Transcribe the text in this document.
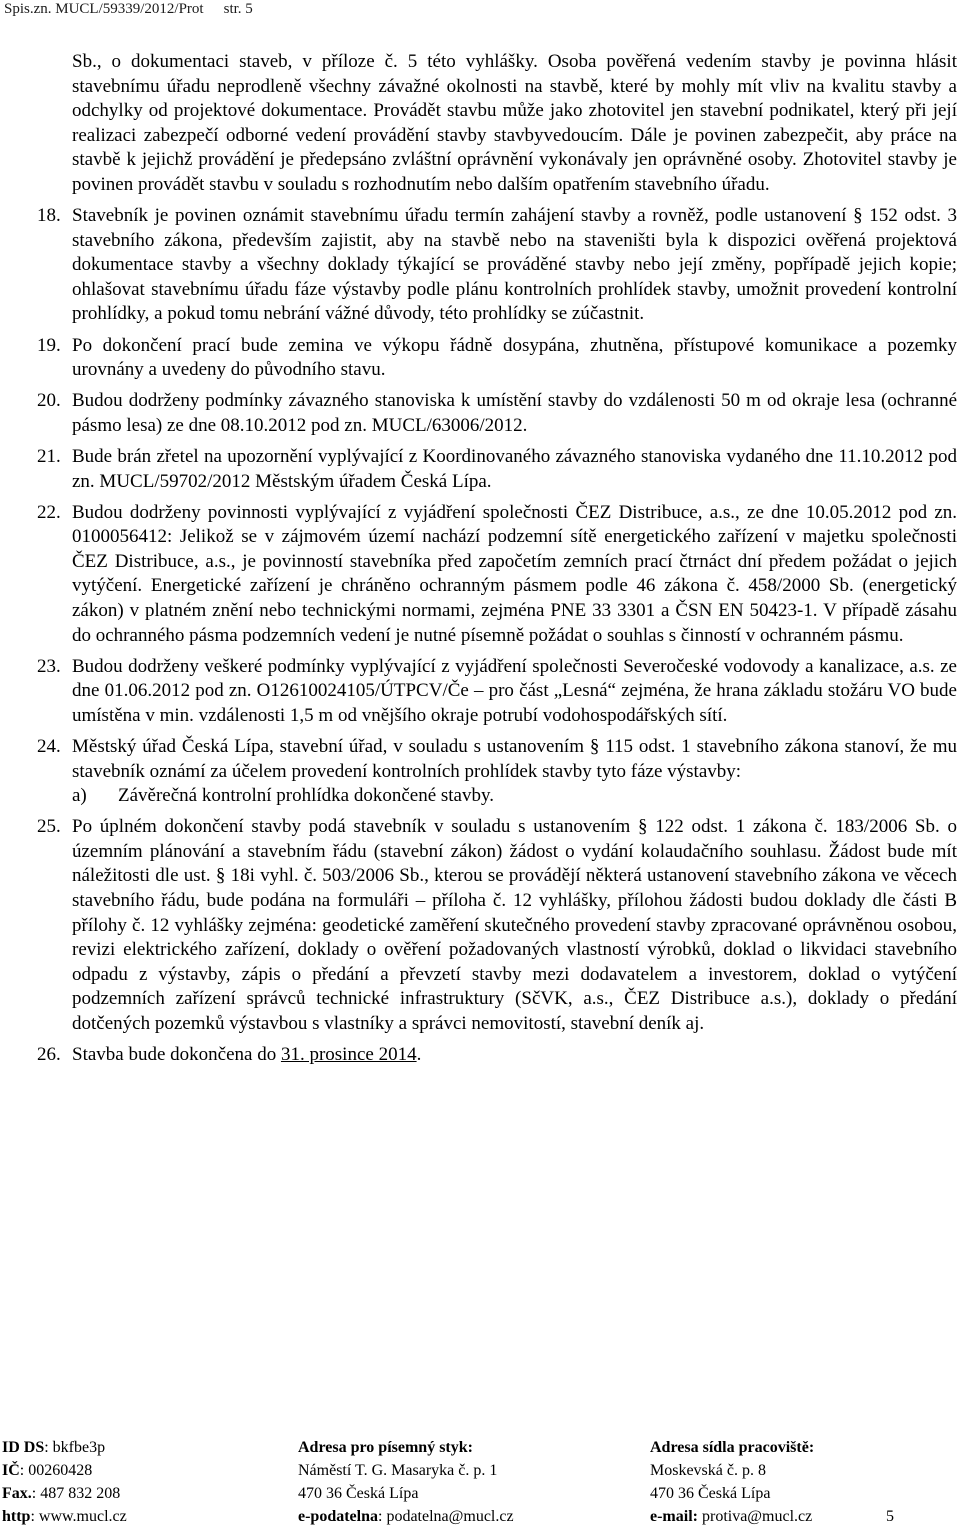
Spis.zn. MUCL/59339/2012/Prot str. 5

Sb., o dokumentaci staveb, v příloze č. 5 této vyhlášky. Osoba pověřená vedením stavby je povinna hlásit stavebnímu úřadu neprodleně všechny závažné okolnosti na stavbě, které by mohly mít vliv na kvalitu stavby a odchylky od projektové dokumentace. Provádět stavbu může jako zhotovitel jen stavební podnikatel, který při její realizaci zabezpečí odborné vedení provádění stavby stavbyvedoucím. Dále je povinen zabezpečit, aby práce na stavbě k jejichž provádění je předepsáno zvláštní oprávnění vykonávaly jen oprávněné osoby. Zhotovitel stavby je povinen provádět stavbu v souladu s rozhodnutím nebo dalším opatřením stavebního úřadu.

18. Stavebník je povinen oznámit stavebnímu úřadu termín zahájení stavby a rovněž, podle ustanovení § 152 odst. 3 stavebního zákona, především zajistit, aby na stavbě nebo na staveništi byla k dispozici ověřená projektová dokumentace stavby a všechny doklady týkající se prováděné stavby nebo její změny, popřípadě jejich kopie; ohlašovat stavebnímu úřadu fáze výstavby podle plánu kontrolních prohlídek stavby, umožnit provedení kontrolní prohlídky, a pokud tomu nebrání vážné důvody, této prohlídky se zúčastnit.
19. Po dokončení prací bude zemina ve výkopu řádně dosypána, zhutněna, přístupové komunikace a pozemky urovnány a uvedeny do původního stavu.
20. Budou dodrženy podmínky závazného stanoviska k umístění stavby do vzdálenosti 50 m od okraje lesa (ochranné pásmo lesa) ze dne 08.10.2012 pod zn. MUCL/63006/2012.
21. Bude brán zřetel na upozornění vyplývající z Koordinovaného závazného stanoviska vydaného dne 11.10.2012 pod zn. MUCL/59702/2012 Městským úřadem Česká Lípa.
22. Budou dodrženy povinnosti vyplývající z vyjádření společnosti ČEZ Distribuce, a.s., ze dne 10.05.2012 pod zn. 0100056412: Jelikož se v zájmovém území nachází podzemní sítě energetického zařízení v majetku společnosti ČEZ Distribuce, a.s., je povinností stavebníka před započetím zemních prací čtrnáct dní předem požádat o jejich vytýčení. Energetické zařízení je chráněno ochranným pásmem podle 46 zákona č. 458/2000 Sb. (energetický zákon) v platném znění nebo technickými normami, zejména PNE 33 3301 a ČSN EN 50423-1. V případě zásahu do ochranného pásma podzemních vedení je nutné písemně požádat o souhlas s činností v ochranném pásmu.
23. Budou dodrženy veškeré podmínky vyplývající z vyjádření společnosti Severočeské vodovody a kanalizace, a.s. ze dne 01.06.2012 pod zn. O12610024105/ÚTPCV/Če – pro část „Lesná“ zejména, že hrana základu stožáru VO bude umístěna v min. vzdálenosti 1,5 m od vnějšího okraje potrubí vodohospodářských sítí.
24. Městský úřad Česká Lípa, stavební úřad, v souladu s ustanovením § 115 odst. 1 stavebního zákona stanoví, že mu stavebník oznámí za účelem provedení kontrolních prohlídek stavby tyto fáze výstavby:
a) Závěrečná kontrolní prohlídka dokončené stavby.
25. Po úplném dokončení stavby podá stavebník v souladu s ustanovením § 122 odst. 1 zákona č. 183/2006 Sb. o územním plánování a stavebním řádu (stavební zákon) žádost o vydání kolaudačního souhlasu. Žádost bude mít náležitosti dle ust. § 18i vyhl. č. 503/2006 Sb., kterou se provádějí některá ustanovení stavebního zákona ve věcech stavebního řádu, bude podána na formuláři – příloha č. 12 vyhlášky, přílohou žádosti budou doklady dle části B přílohy č. 12 vyhlášky zejména: geodetické zaměření skutečného provedení stavby zpracované oprávněnou osobou, revizi elektrického zařízení, doklady o ověření požadovaných vlastností výrobků, doklad o likvidaci stavebního odpadu z výstavby, zápis o předání a převzetí stavby mezi dodavatelem a investorem, doklad o vytýčení podzemních zařízení správců technické infrastruktury (SčVK, a.s., ČEZ Distribuce a.s.), doklady o předání dotčených pozemků výstavbou s vlastníky a správci nemovitostí, stavební deník aj.
26. Stavba bude dokončena do 31. prosince 2014.
ID DS: bkfbe3p
IČ: 00260428
Fax.: 487 832 208
http: www.mucl.cz
Adresa pro písemný styk:
Náměstí T. G. Masaryka č. p. 1
470 36 Česká Lípa
e-podatelna: podatelna@mucl.cz
Adresa sídla pracoviště:
Moskevská č. p. 8
470 36 Česká Lípa
e-mail: protiva@mucl.cz	5
